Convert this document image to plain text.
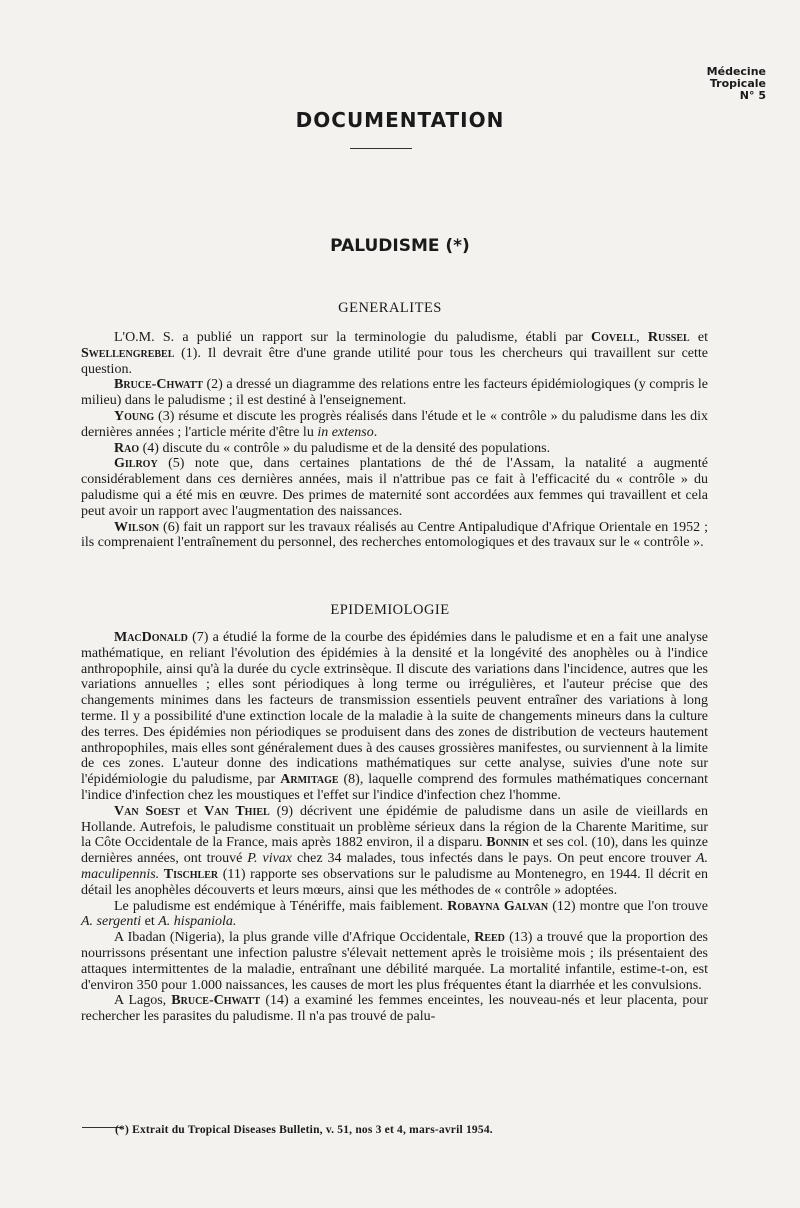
Médecine
Tropicale
N° 5
DOCUMENTATION
PALUDISME (*)
GENERALITES

L'O.M. S. a publié un rapport sur la terminologie du paludisme, établi par Covell, Russel et Swellengrebel (1). Il devrait être d'une grande utilité pour tous les chercheurs qui travaillent sur cette question.

Bruce-Chwatt (2) a dressé un diagramme des relations entre les facteurs épidémiologiques (y compris le milieu) dans le paludisme ; il est destiné à l'enseignement.

Young (3) résume et discute les progrès réalisés dans l'étude et le « contrôle » du paludisme dans les dix dernières années ; l'article mérite d'être lu in extenso.

Rao (4) discute du « contrôle » du paludisme et de la densité des populations.

Gilroy (5) note que, dans certaines plantations de thé de l'Assam, la natalité a augmenté considérablement dans ces dernières années, mais il n'attribue pas ce fait à l'efficacité du « contrôle » du paludisme qui a été mis en œuvre. Des primes de maternité sont accordées aux femmes qui travaillent et cela peut avoir un rapport avec l'augmentation des naissances.

Wilson (6) fait un rapport sur les travaux réalisés au Centre Antipaludique d'Afrique Orientale en 1952 ; ils comprenaient l'entraînement du personnel, des recherches entomologiques et des travaux sur le « contrôle ».

EPIDEMIOLOGIE

MacDonald (7) a étudié la forme de la courbe des épidémies dans le paludisme et en a fait une analyse mathématique, en reliant l'évolution des épidémies à la densité et la longévité des anophèles ou à l'indice anthropophile, ainsi qu'à la durée du cycle extrinsèque. Il discute des variations dans l'incidence, autres que les variations annuelles ; elles sont périodiques à long terme ou irrégulières, et l'auteur précise que des changements minimes dans les facteurs de transmission essentiels peuvent entraîner des variations à long terme. Il y a possibilité d'une extinction locale de la maladie à la suite de changements mineurs dans la culture des terres. Des épidémies non périodiques se produisent dans des zones de distribution de vecteurs hautement anthropophiles, mais elles sont généralement dues à des causes grossières manifestes, ou surviennent à la limite de ces zones. L'auteur donne des indications mathématiques sur cette analyse, suivies d'une note sur l'épidémiologie du paludisme, par Armitage (8), laquelle comprend des formules mathématiques concernant l'indice d'infection chez les moustiques et l'effet sur l'indice d'infection chez l'homme.

Van Soest et Van Thiel (9) décrivent une épidémie de paludisme dans un asile de vieillards en Hollande. Autrefois, le paludisme constituait un problème sérieux dans la région de la Charente Maritime, sur la Côte Occidentale de la France, mais après 1882 environ, il a disparu. Bonnin et ses col. (10), dans les quinze dernières années, ont trouvé P. vivax chez 34 malades, tous infectés dans le pays. On peut encore trouver A. maculipennis. Tischler (11) rapporte ses observations sur le paludisme au Montenegro, en 1944. Il décrit en détail les anophèles découverts et leurs mœurs, ainsi que les méthodes de « contrôle » adoptées.

Le paludisme est endémique à Ténériffe, mais faiblement. Robayna Galvan (12) montre que l'on trouve A. sergenti et A. hispaniola.

A Ibadan (Nigeria), la plus grande ville d'Afrique Occidentale, Reed (13) a trouvé que la proportion des nourrissons présentant une infection palustre s'élevait nettement après le troisième mois ; ils présentaient des attaques intermittentes de la maladie, entraînant une débilité marquée. La mortalité infantile, estime-t-on, est d'environ 350 pour 1.000 naissances, les causes de mort les plus fréquentes étant la diarrhée et les convulsions.

A Lagos, Bruce-Chwatt (14) a examiné les femmes enceintes, les nouveau-nés et leur placenta, pour rechercher les parasites du paludisme. Il n'a pas trouvé de palu-

(*) Extrait du Tropical Diseases Bulletin, v. 51, nos 3 et 4, mars-avril 1954.
